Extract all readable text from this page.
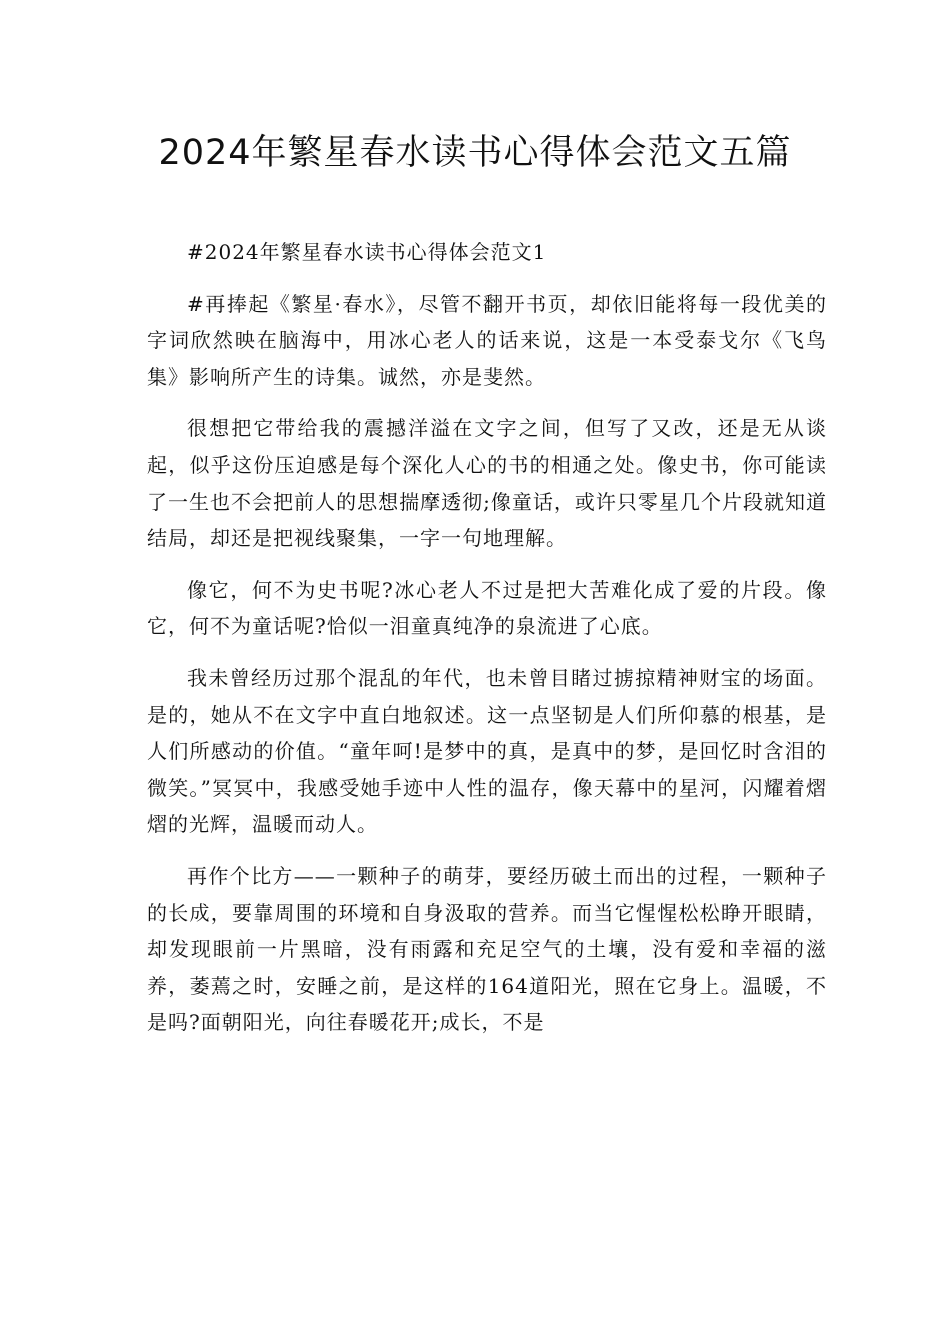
2024年繁星春水读书心得体会范文五篇

#2024年繁星春水读书心得体会范文1

#再捧起《繁星·春水》，尽管不翻开书页，却依旧能将每一段优美的字词欣然映在脑海中，用冰心老人的话来说，这是一本受泰戈尔《飞鸟集》影响所产生的诗集。诚然，亦是斐然。

很想把它带给我的震撼洋溢在文字之间，但写了又改，还是无从谈起，似乎这份压迫感是每个深化人心的书的相通之处。像史书，你可能读了一生也不会把前人的思想揣摩透彻;像童话，或许只零星几个片段就知道结局，却还是把视线聚集，一字一句地理解。

像它，何不为史书呢?冰心老人不过是把大苦难化成了爱的片段。像它，何不为童话呢?恰似一泪童真纯净的泉流进了心底。

我未曾经历过那个混乱的年代，也未曾目睹过掳掠精神财宝的场面。是的，她从不在文字中直白地叙述。这一点坚韧是人们所仰慕的根基，是人们所感动的价值。“童年呵!是梦中的真，是真中的梦，是回忆时含泪的微笑。”冥冥中，我感受她手迹中人性的温存，像天幕中的星河，闪耀着熠熠的光辉，温暖而动人。

再作个比方——一颗种子的萌芽，要经历破土而出的过程，一颗种子的长成，要靠周围的环境和自身汲取的营养。而当它惺惺松松睁开眼睛，却发现眼前一片黑暗，没有雨露和充足空气的土壤，没有爱和幸福的滋养，萎蔫之时，安睡之前，是这样的164道阳光，照在它身上。温暖，不是吗?面朝阳光，向往春暖花开;成长，不是
